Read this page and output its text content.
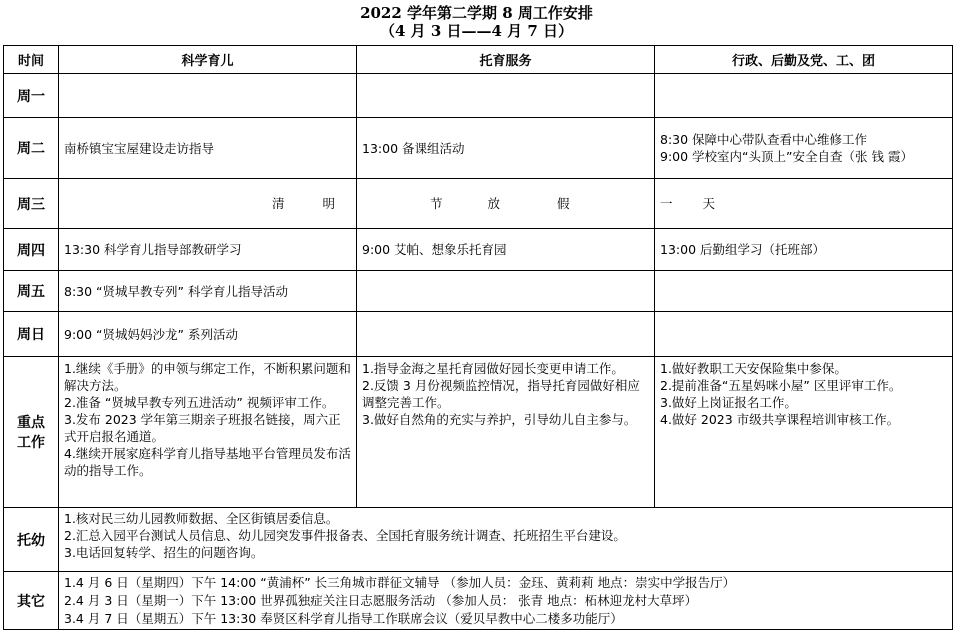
2022 学年第二学期 8 周工作安排
（4 月 3 日——4 月 7 日）
时间	科学育儿	托育服务	行政、后勤及党、工、团
周一			
周二	南桥镇宝宝屋建设走访指导	13:00 备课组活动	8:30 保障中心带队查看中心维修工作
9:00 学校室内“头顶上”安全自查（张 钱 霞）

周三	清 明	节 放 假	一 天

周四	13:30 科学育儿指导部教研学习	9:00 艾帕、想象乐托育园	13:00 后勤组学习（托班部）
周五	8:30 “贤城早教专列” 科学育儿指导活动		
周日	9:00 “贤城妈妈沙龙” 系列活动		

重点
工作	1.继续《手册》的申领与绑定工作，不断积累问题和解决方法。
2.准备 “贤城早教专列五进活动” 视频评审工作。
3.发布 2023 学年第三期亲子班报名链接，周六正式开启报名通道。
4.继续开展家庭科学育儿指导基地平台管理员发布活动的指导工作。	1.指导金海之星托育园做好园长变更申请工作。
2.反馈 3 月份视频监控情况，指导托育园做好相应调整完善工作。
3.做好自然角的充实与养护，引导幼儿自主参与。	1.做好教职工天安保险集中参保。
2.提前准备“五星妈咪小屋” 区里评审工作。
3.做好上岗证报名工作。
4.做好 2023 市级共享课程培训审核工作。

托幼	1.核对民三幼儿园教师数据、全区街镇居委信息。
2.汇总入园平台测试人员信息、幼儿园突发事件报备表、全国托育服务统计调查、托班招生平台建设。
3.电话回复转学、招生的问题咨询。		

其它	1.4 月 6 日（星期四）下午 14:00 “黄浦杯” 长三角城市群征文辅导 （参加人员：金珏、黄莉莉 地点：崇实中学报告厅）
2.4 月 3 日（星期一）下午 13:00 世界孤独症关注日志愿服务活动 （参加人员： 张青 地点：柘林迎龙村大草坪）
3.4 月 7 日（星期五）下午 13:30 奉贤区科学育儿指导工作联席会议（爱贝早教中心二楼多功能厅）		
